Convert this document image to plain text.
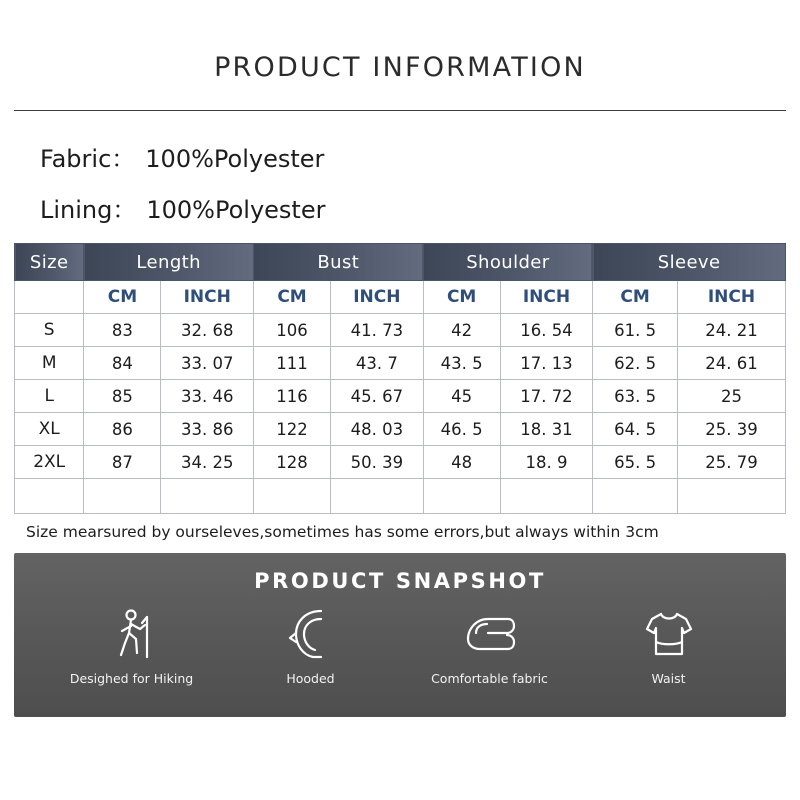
PRODUCT INFORMATION
Fabric： 100%Polyester
Lining： 100%Polyester
Size	Length		Bust		Shoulder		Sleeve	
	CM	INCH	CM	INCH	CM	INCH	CM	INCH
S	83	32. 68	106	41. 73	42	16. 54	61. 5	24. 21
M	84	33. 07	111	43. 7	43. 5	17. 13	62. 5	24. 61
L	85	33. 46	116	45. 67	45	17. 72	63. 5	25
XL	86	33. 86	122	48. 03	46. 5	18. 31	64. 5	25. 39
2XL	87	34. 25	128	50. 39	48	18. 9	65. 5	25. 79

Size mearsured by ourseleves,sometimes has some errors,but always within 3cm
PRODUCT SNAPSHOT
Desighed for Hiking	Hooded	Comfortable fabric	Waist
